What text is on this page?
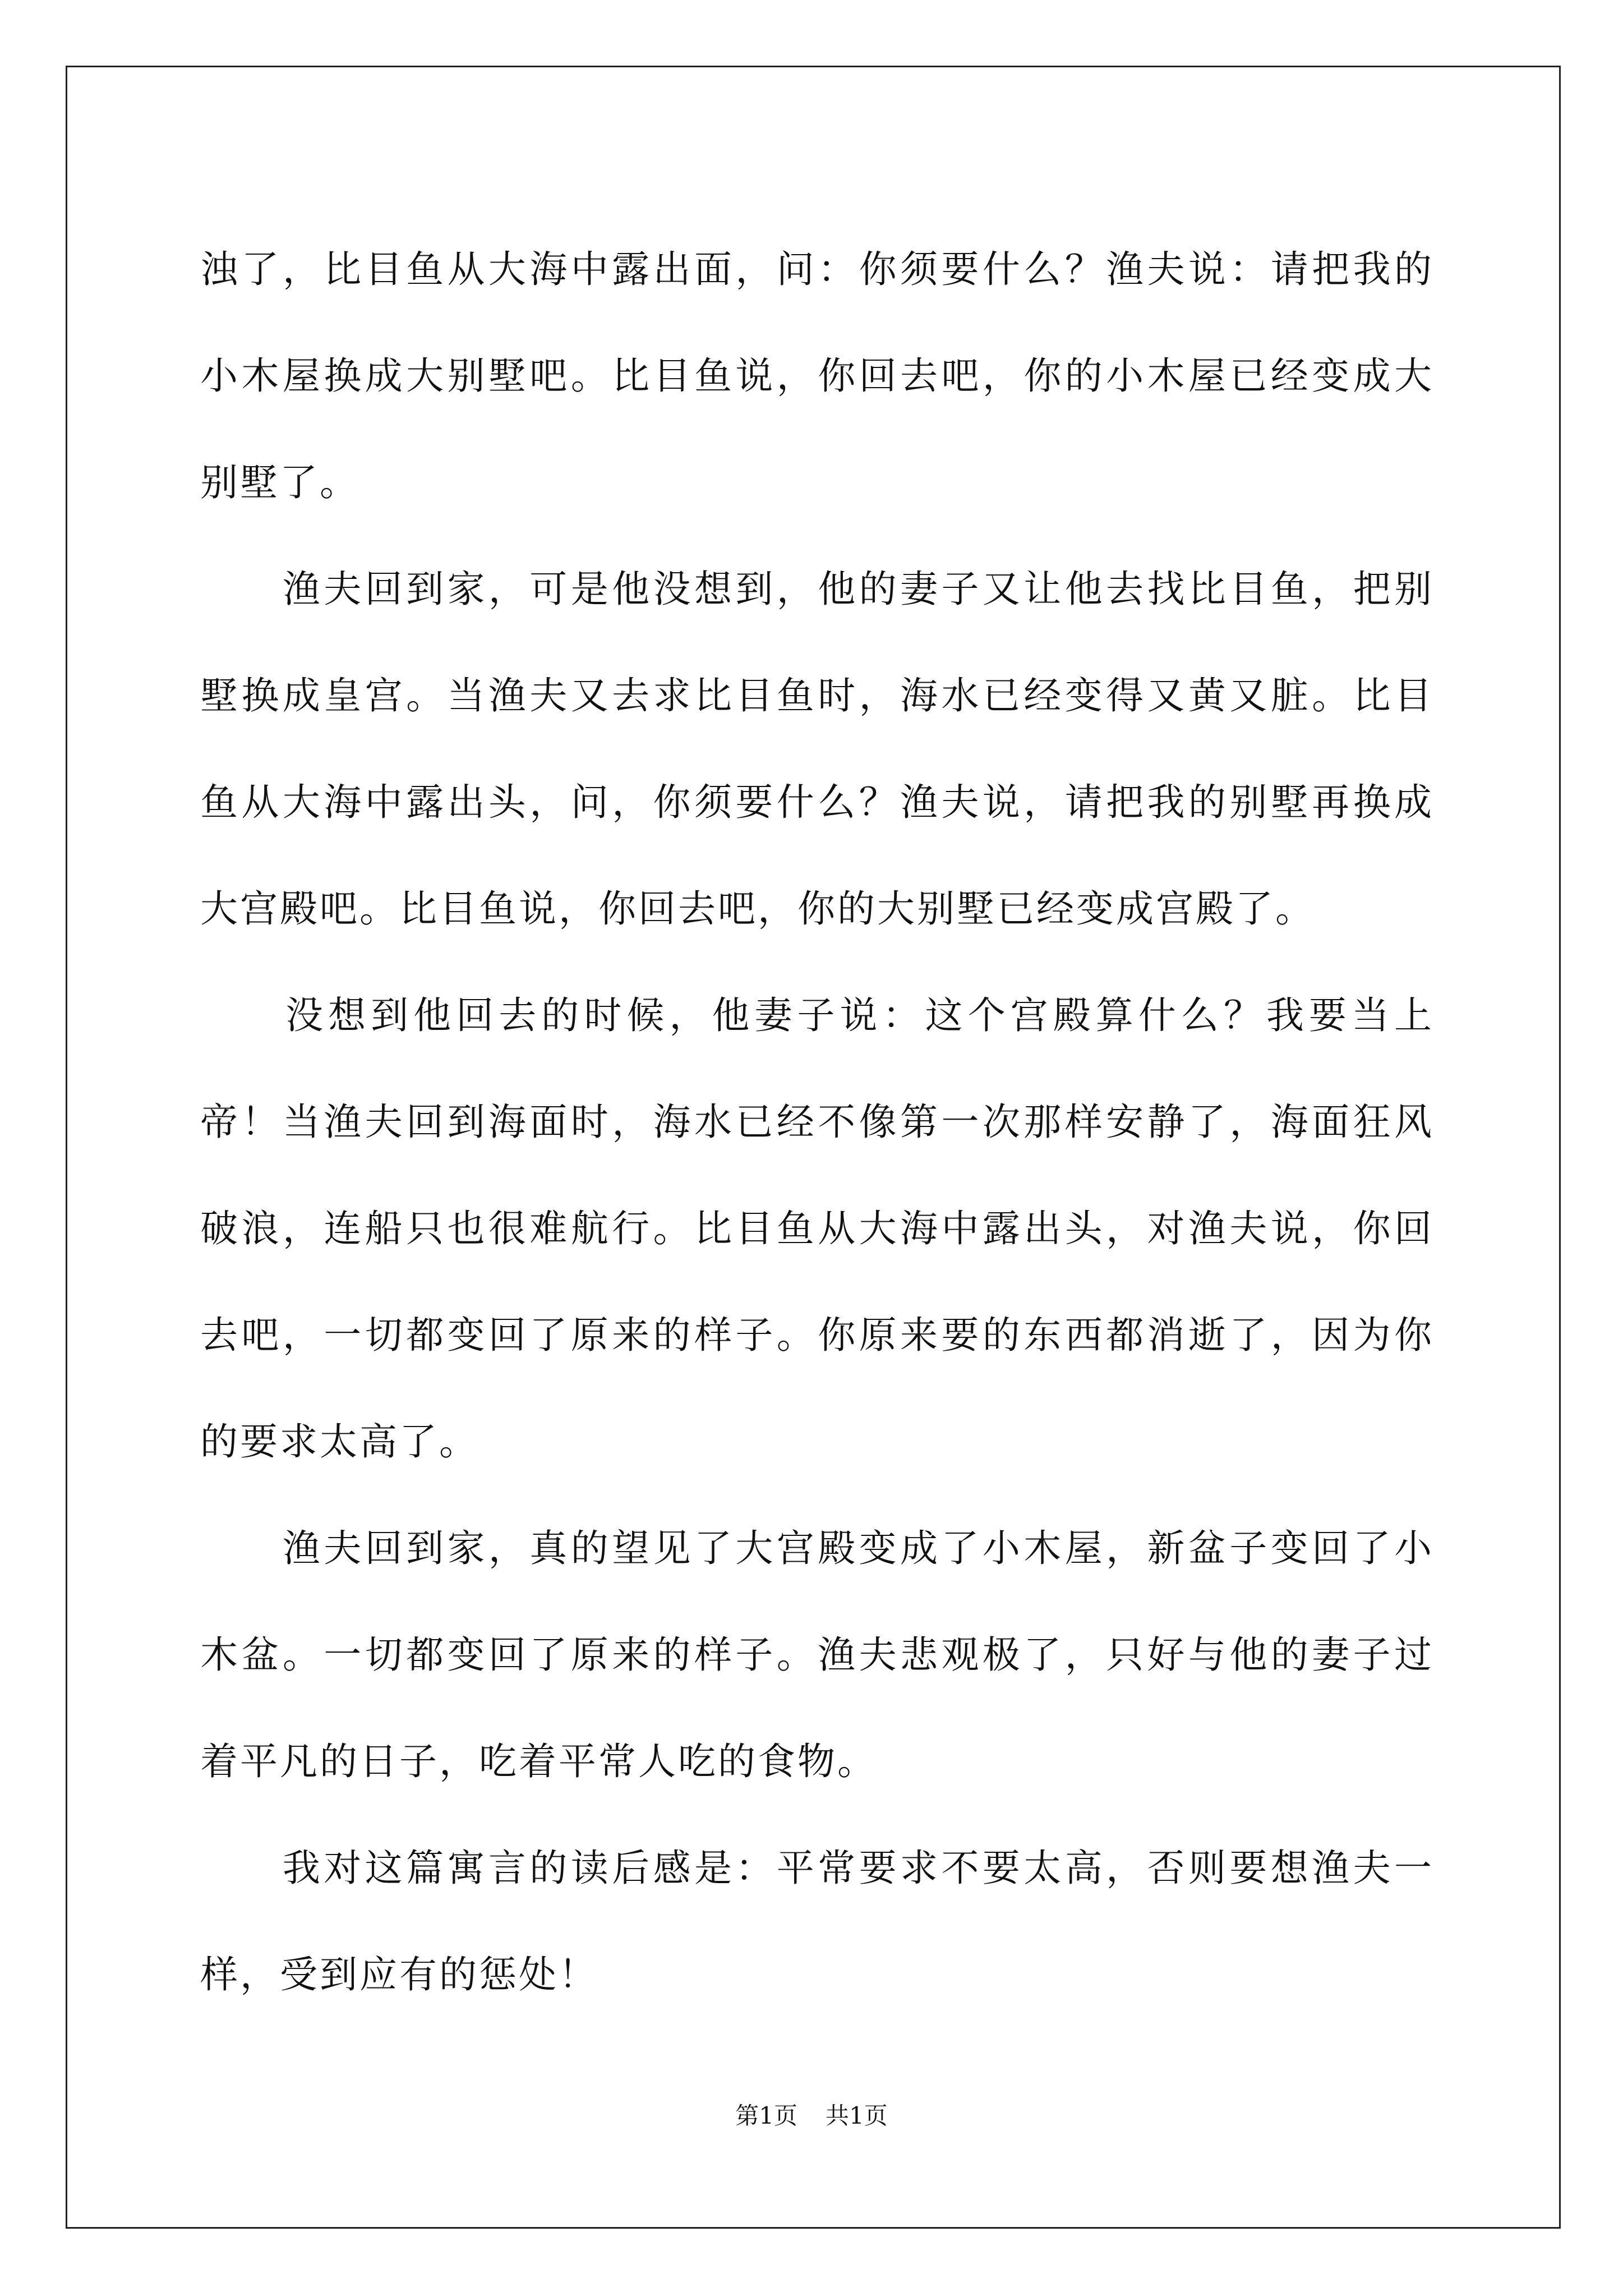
浊了，比目鱼从大海中露出面，问：你须要什么？渔夫说：请把我的小木屋换成大别墅吧。比目鱼说，你回去吧，你的小木屋已经变成大别墅了。

　　渔夫回到家，可是他没想到，他的妻子又让他去找比目鱼，把别墅换成皇宫。当渔夫又去求比目鱼时，海水已经变得又黄又脏。比目鱼从大海中露出头，问，你须要什么？渔夫说，请把我的别墅再换成大宫殿吧。比目鱼说，你回去吧，你的大别墅已经变成宫殿了。

　　没想到他回去的时候，他妻子说：这个宫殿算什么？我要当上帝！当渔夫回到海面时，海水已经不像第一次那样安静了，海面狂风破浪，连船只也很难航行。比目鱼从大海中露出头，对渔夫说，你回去吧，一切都变回了原来的样子。你原来要的东西都消逝了，因为你的要求太高了。

　　渔夫回到家，真的望见了大宫殿变成了小木屋，新盆子变回了小木盆。一切都变回了原来的样子。渔夫悲观极了，只好与他的妻子过着平凡的日子，吃着平常人吃的食物。

　　我对这篇寓言的读后感是：平常要求不要太高，否则要想渔夫一样，受到应有的惩处！

第1页 共1页
